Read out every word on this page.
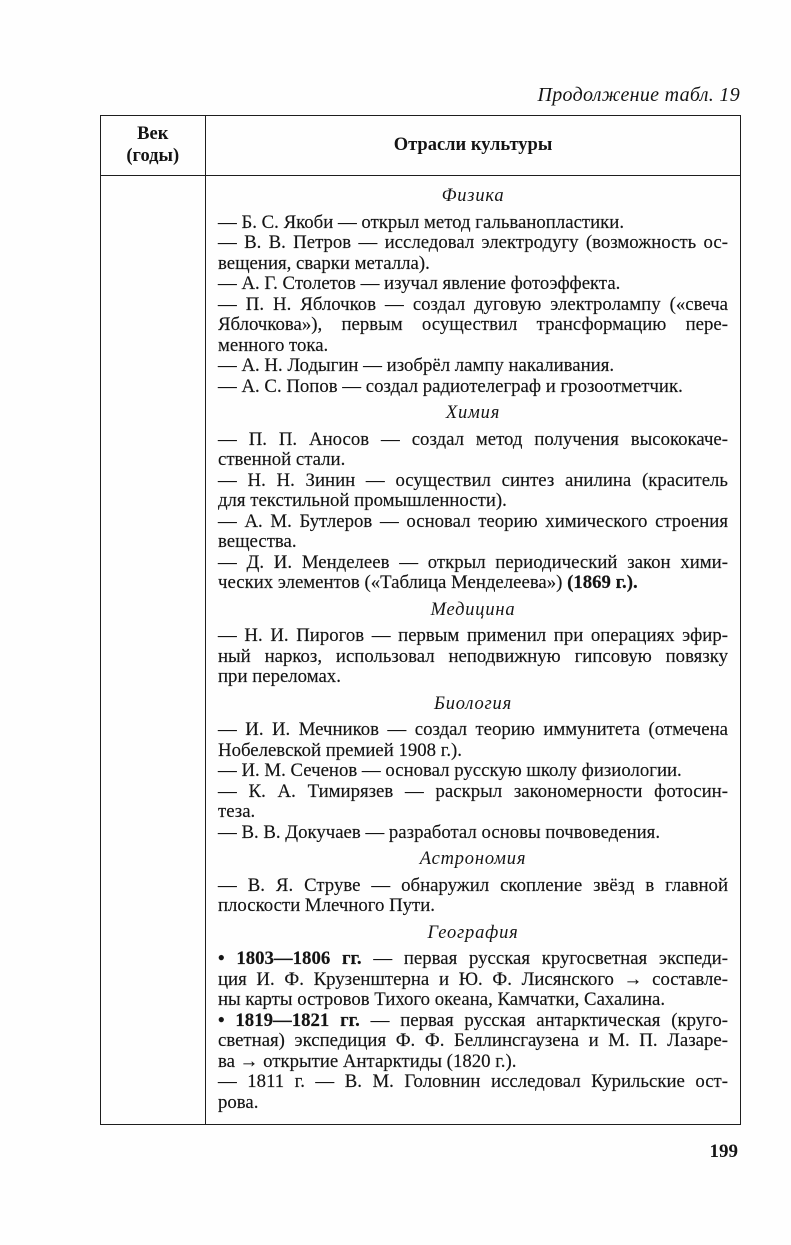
Продолжение табл. 19
Век
(годы)
Отрасли культуры
Физика
— Б. С. Якоби — открыл метод гальванопластики.
— В. В. Петров — исследовал электродугу (возможность ос-
вещения, сварки металла).
— А. Г. Столетов — изучал явление фотоэффекта.
— П. Н. Яблочков — создал дуговую электролампу («свеча
Яблочкова»), первым осуществил трансформацию пере-
менного тока.
— А. Н. Лодыгин — изобрёл лампу накаливания.
— А. С. Попов — создал радиотелеграф и грозоотметчик.
Химия
— П. П. Аносов — создал метод получения высококаче-
ственной стали.
— Н. Н. Зинин — осуществил синтез анилина (краситель
для текстильной промышленности).
— А. М. Бутлеров — основал теорию химического строения
вещества.
— Д. И. Менделеев — открыл периодический закон хими-
ческих элементов («Таблица Менделеева») (1869 г.).
Медицина
— Н. И. Пирогов — первым применил при операциях эфир-
ный наркоз, использовал неподвижную гипсовую повязку
при переломах.
Биология
— И. И. Мечников — создал теорию иммунитета (отмечена
Нобелевской премией 1908 г.).
— И. М. Сеченов — основал русскую школу физиологии.
— К. А. Тимирязев — раскрыл закономерности фотосин-
теза.
— В. В. Докучаев — разработал основы почвоведения.
Астрономия
— В. Я. Струве — обнаружил скопление звёзд в главной
плоскости Млечного Пути.
География
• 1803—1806 гг. — первая русская кругосветная экспеди-
ция И. Ф. Крузенштерна и Ю. Ф. Лисянского → составле-
ны карты островов Тихого океана, Камчатки, Сахалина.
• 1819—1821 гг. — первая русская антарктическая (круго-
светная) экспедиция Ф. Ф. Беллинсгаузена и М. П. Лазаре-
ва → открытие Антарктиды (1820 г.).
— 1811 г. — В. М. Головнин исследовал Курильские ост-
рова.
199
